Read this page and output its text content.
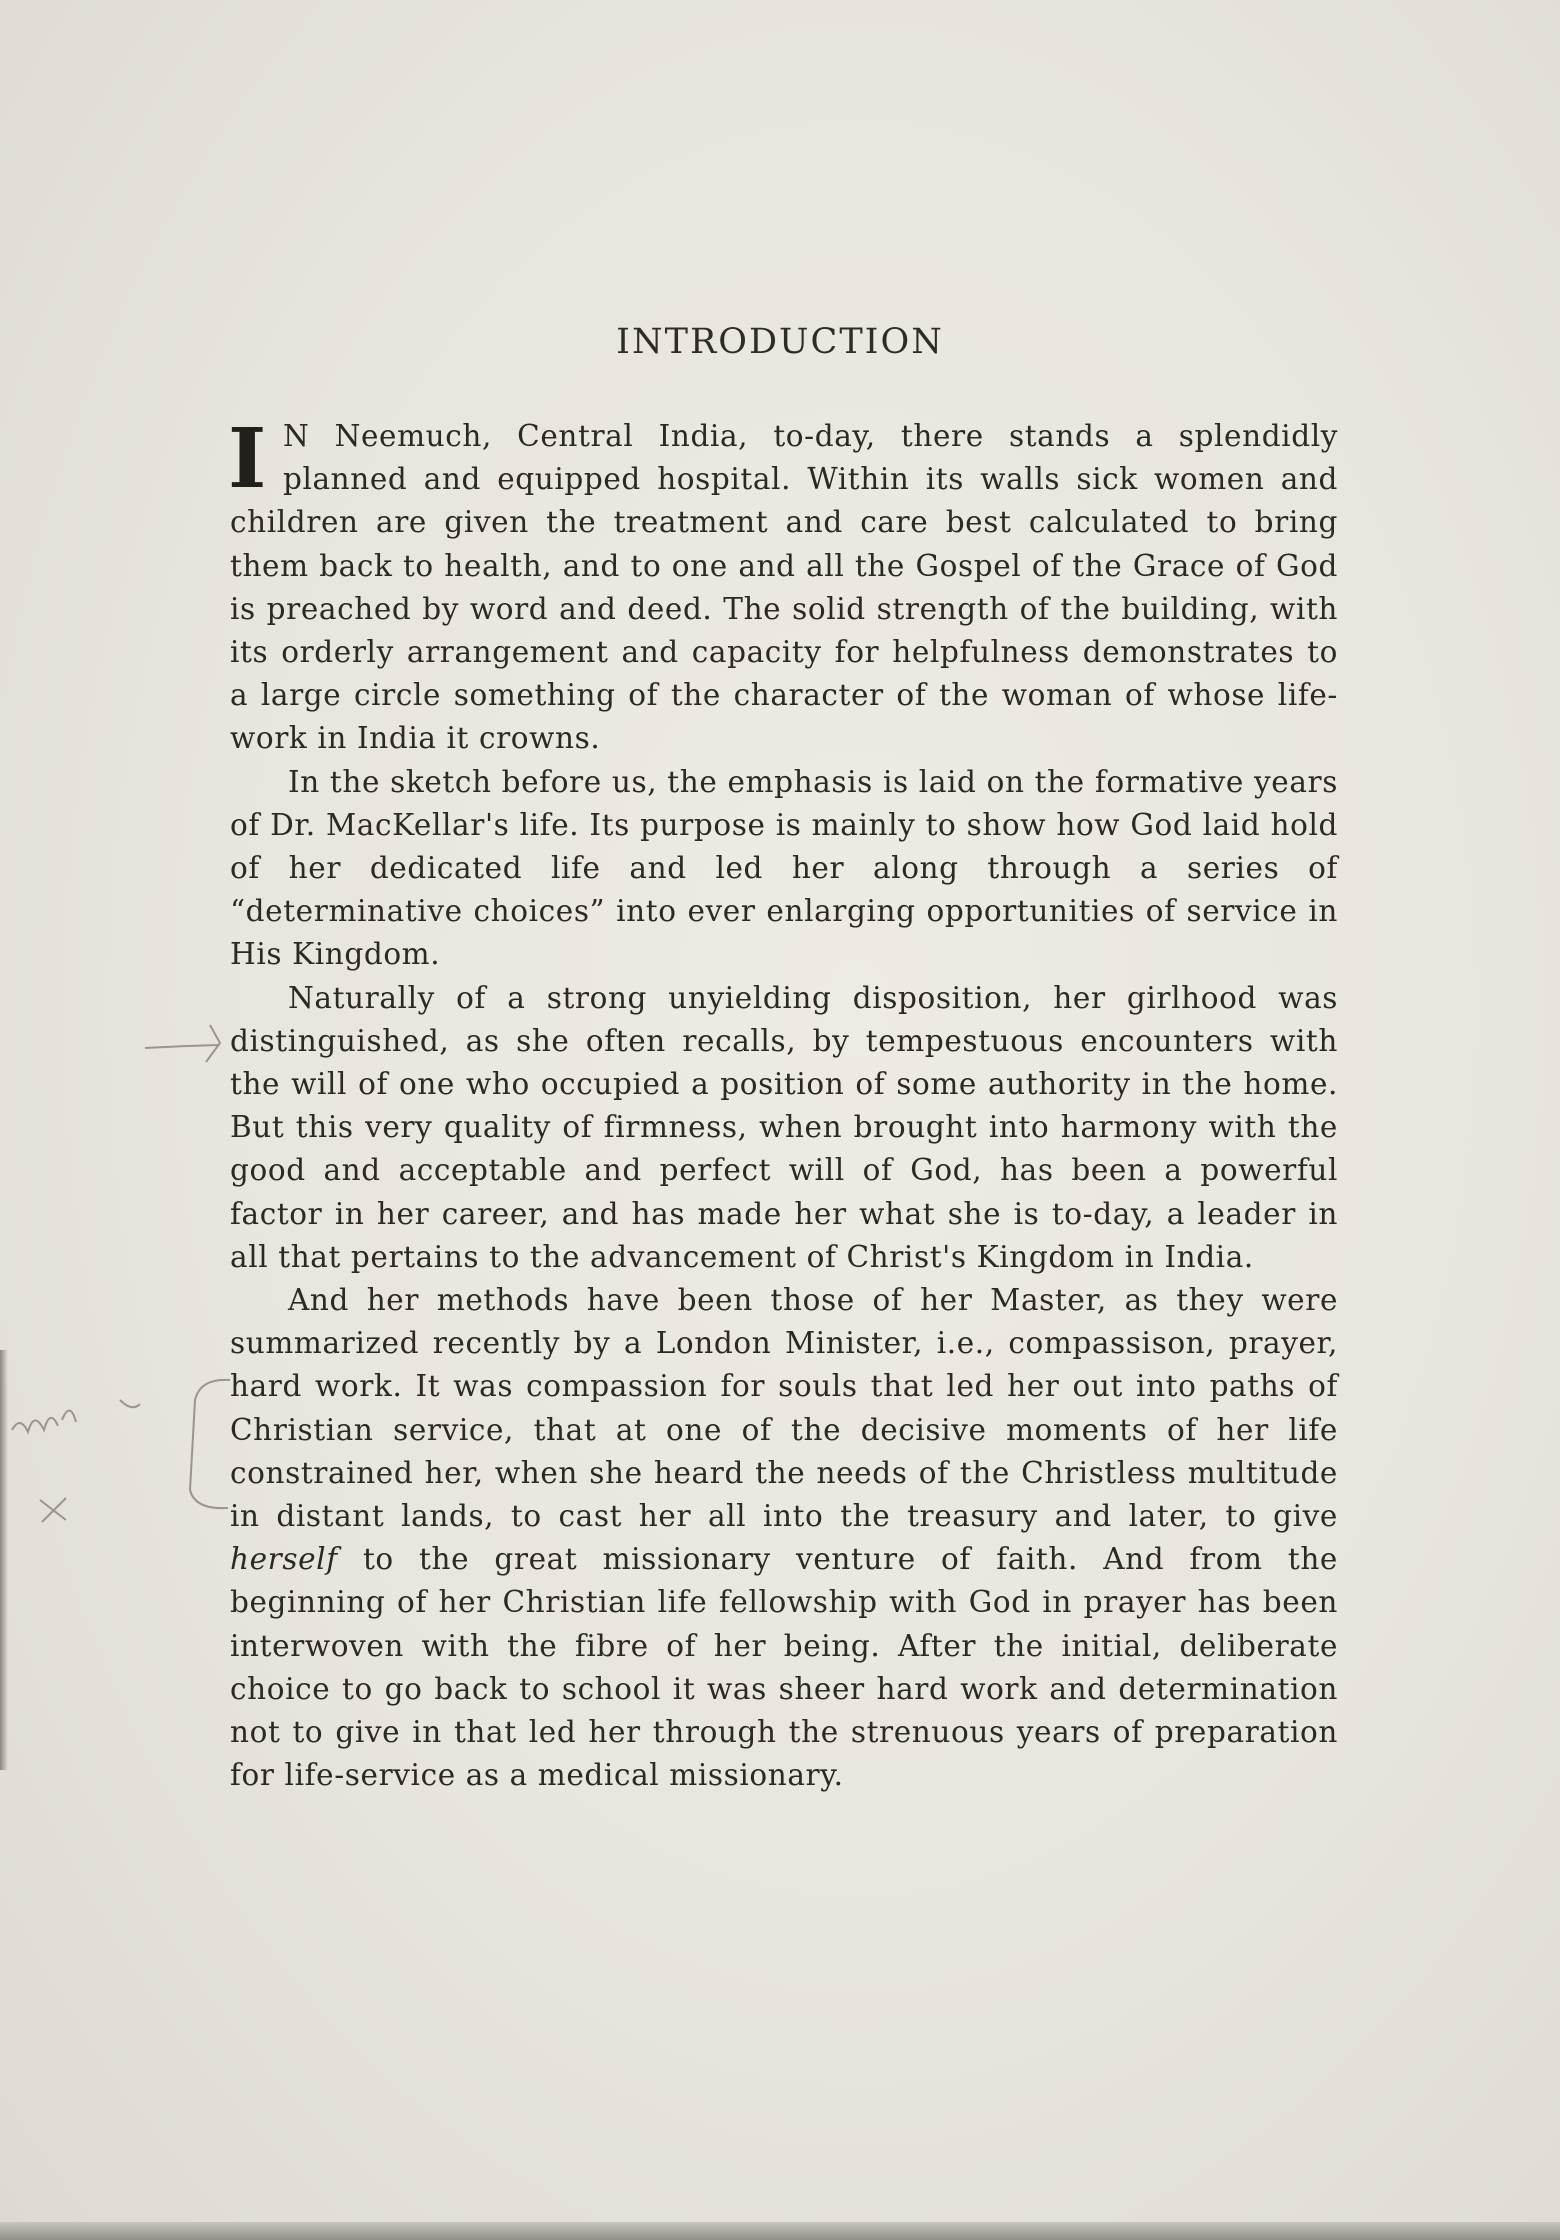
INTRODUCTION

I N Neemuch, Central India, to-day, there stands a splendidly planned and equipped hospital. Within its walls sick women and children are given the treatment and care best calculated to bring them back to health, and to one and all the Gospel of the Grace of God is preached by word and deed. The solid strength of the building, with its orderly arrangement and capacity for helpfulness demonstrates to a large circle something of the character of the woman of whose life-work in India it crowns.

In the sketch before us, the emphasis is laid on the formative years of Dr. MacKellar's life. Its purpose is mainly to show how God laid hold of her dedicated life and led her along through a series of “determinative choices” into ever enlarging opportunities of service in His Kingdom.

Naturally of a strong unyielding disposition, her girlhood was distinguished, as she often recalls, by tempestuous encounters with the will of one who occupied a position of some authority in the home. But this very quality of firmness, when brought into harmony with the good and acceptable and perfect will of God, has been a powerful factor in her career, and has made her what she is to-day, a leader in all that pertains to the advancement of Christ's Kingdom in India.

And her methods have been those of her Master, as they were summarized recently by a London Minister, i.e., compassison, prayer, hard work. It was compassion for souls that led her out into paths of Christian service, that at one of the decisive moments of her life constrained her, when she heard the needs of the Christless multitude in distant lands, to cast her all into the treasury and later, to give herself to the great missionary venture of faith. And from the beginning of her Christian life fellowship with God in prayer has been interwoven with the fibre of her being. After the initial, deliberate choice to go back to school it was sheer hard work and determination not to give in that led her through the strenuous years of preparation for life-service as a medical missionary.
